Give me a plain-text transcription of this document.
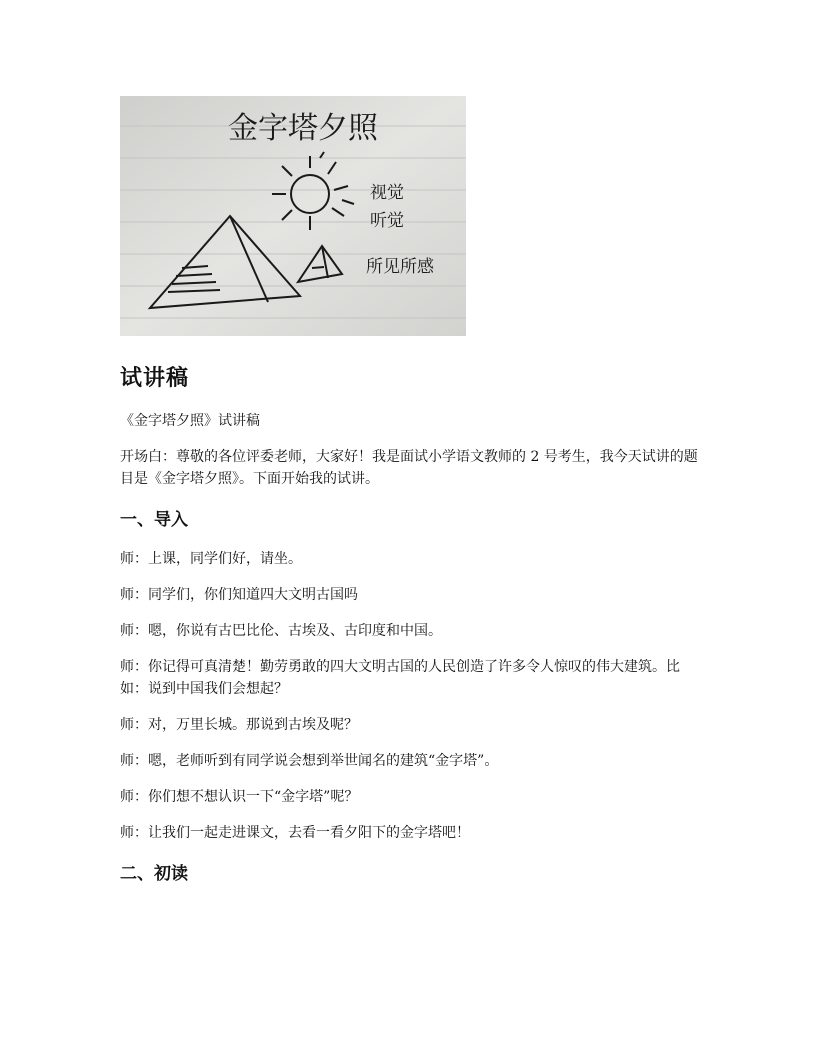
金字塔夕照
视觉
听觉
所见所感
试讲稿

《金字塔夕照》试讲稿

开场白：尊敬的各位评委老师，大家好！我是面试小学语文教师的 2 号考生，我今天试讲的题目是《金字塔夕照》。下面开始我的试讲。

一、导入

师：上课，同学们好，请坐。

师：同学们，你们知道四大文明古国吗

师：嗯，你说有古巴比伦、古埃及、古印度和中国。

师：你记得可真清楚！勤劳勇敢的四大文明古国的人民创造了许多令人惊叹的伟大建筑。比如：说到中国我们会想起？

师：对，万里长城。那说到古埃及呢？

师：嗯，老师听到有同学说会想到举世闻名的建筑“金字塔”。

师：你们想不想认识一下“金字塔”呢？

师：让我们一起走进课文，去看一看夕阳下的金字塔吧！

二、初读
